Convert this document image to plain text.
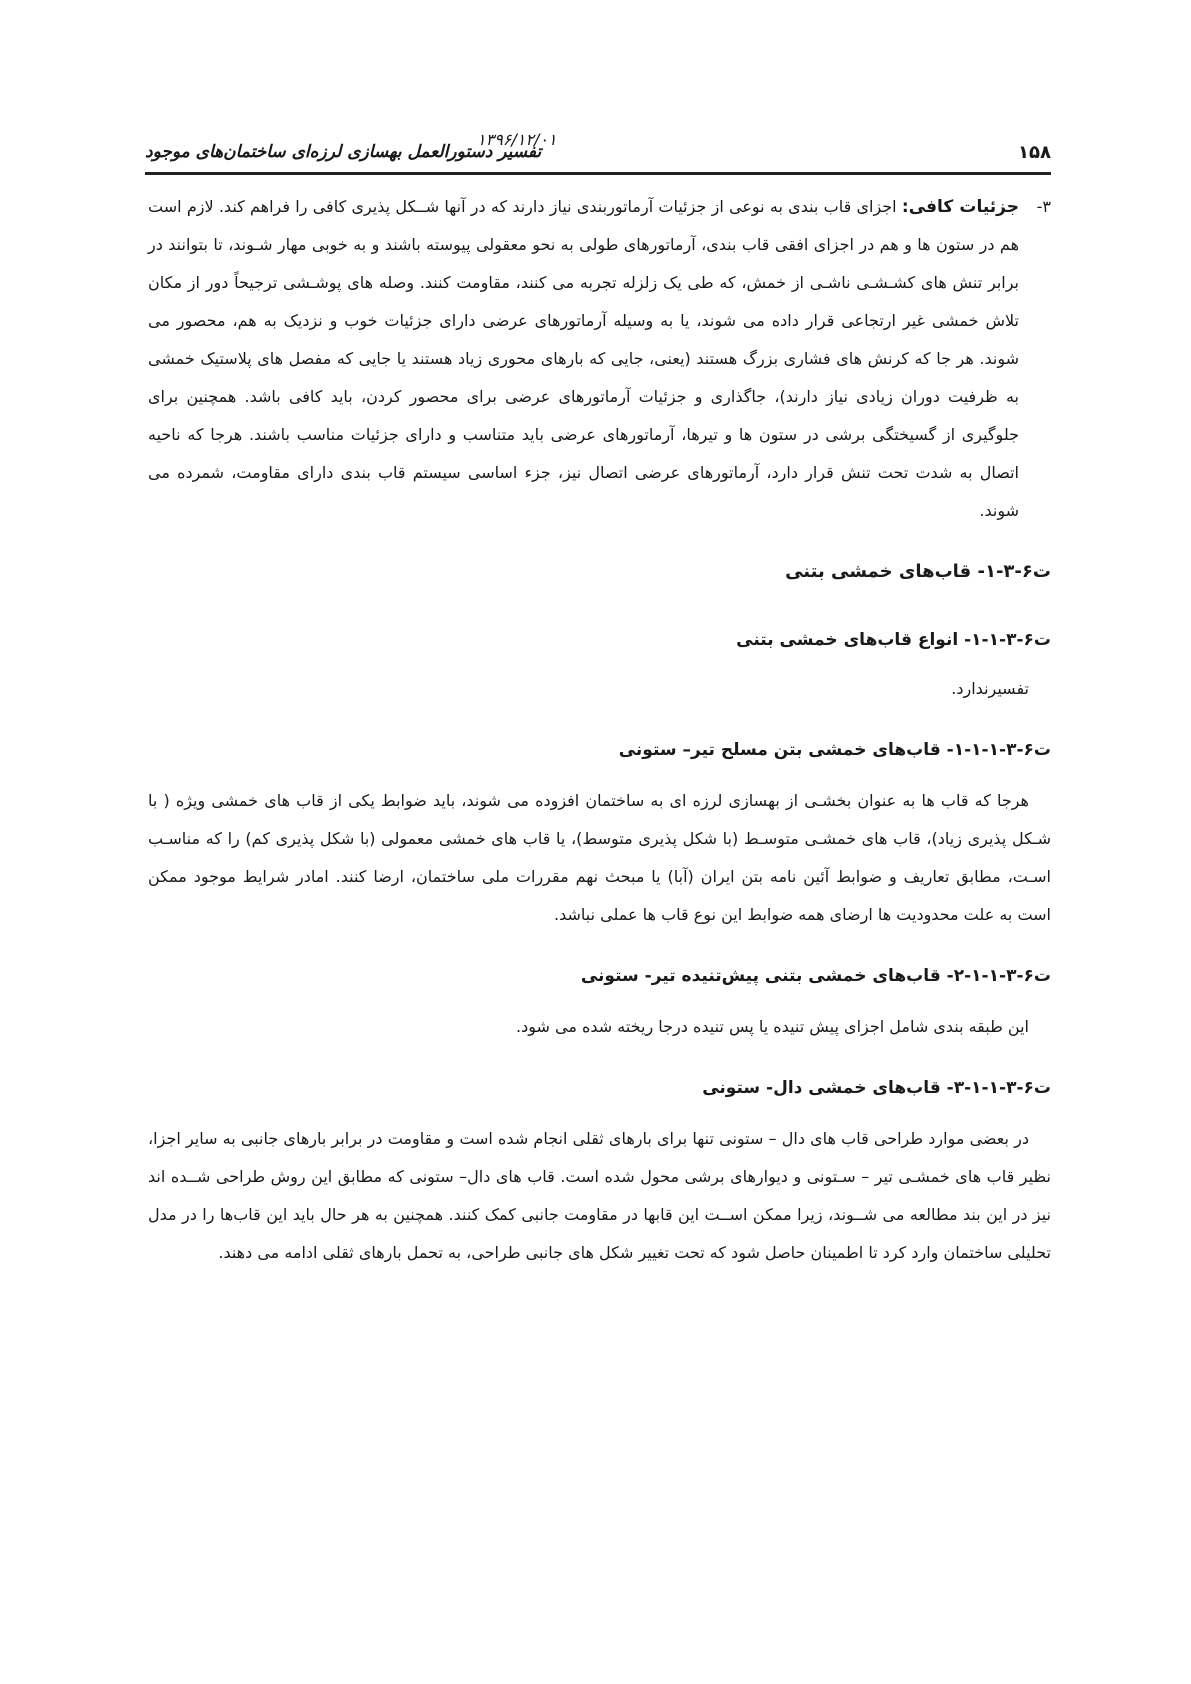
۱۵۸
۱۳۹۶/۱۲/۰۱
تفسیر دستورالعمل بهسازی لرزه‌ای ساختمان‌های موجود

۳-
جزئیات کافی: اجزای قاب بندی به نوعی از جزئیات آرماتوربندی نیاز دارند که در آنها شــکل پذیری کافی را فراهم کند. لازم است هم در ستون ها و هم در اجزای افقی قاب بندی، آرماتورهای طولی به نحو معقولی پیوسته باشند و به خوبی مهار شـوند، تا بتوانند در برابر تنش های کشـشـی ناشـی از خمش، که طی یک زلزله تجربه می کنند، مقاومت کنند. وصله های پوشـشی ترجیحاً دور از مکان تلاش خمشی غیر ارتجاعی قرار داده می شوند، یا به وسیله آرماتورهای عرضی دارای جزئیات خوب و نزدیک به هم، محصور می شوند. هر جا که کرنش های فشاری بزرگ هستند (یعنی، جایی که بارهای محوری زیاد هستند یا جایی که مفصل های پلاستیک خمشی به ظرفیت دوران زیادی نیاز دارند)، جاگذاری و جزئیات آرماتورهای عرضی برای محصور کردن، باید کافی باشد. همچنین برای جلوگیری از گسیختگی برشی در ستون ها و تیرها، آرماتورهای عرضی باید متناسب و دارای جزئیات مناسب باشند. هرجا که ناحیه اتصال به شدت تحت تنش قرار دارد، آرماتورهای عرضی اتصال نیز، جزء اساسی سیستم قاب بندی دارای مقاومت، شمرده می شوند.

ت۶-۳-۱- قاب‌های خمشی بتنی
ت۶-۳-۱-۱- انواع قاب‌های خمشی بتنی

تفسیرندارد.

ت۶-۳-۱-۱-۱- قاب‌های خمشی بتن مسلح تیر– ستونی

هرجا که قاب ها به عنوان بخشـی از بهسازی لرزه ای به ساختمان افزوده می شوند، باید ضوابط یکی از قاب های خمشی ویژه ( با شـکل پذیری زیاد)، قاب های خمشـی متوسـط (با شکل پذیری متوسط)، یا قاب های خمشی معمولی (با شکل پذیری کم) را که مناسـب اسـت، مطابق تعاریف و ضوابط آئین نامه بتن ایران (آبا) یا مبحث نهم مقررات ملی ساختمان، ارضا کنند. امادر شرایط موجود ممکن است به علت محدودیت ها ارضای همه ضوابط این نوع قاب ها عملی نباشد.

ت۶-۳-۱-۱-۲- قاب‌های خمشی بتنی پیش‌تنیده تیر- ستونی

این طبقه بندی شامل اجزای پیش تنیده یا پس تنیده درجا ریخته شده می شود.

ت۶-۳-۱-۱-۳- قاب‌های خمشی دال- ستونی

در بعضی موارد طراحی قاب های دال – ستونی تنها برای بارهای ثقلی انجام شده است و مقاومت در برابر بارهای جانبی به سایر اجزا، نظیر قاب های خمشـی تیر – سـتونی و دیوارهای برشی محول شده است. قاب های دال– ستونی که مطابق این روش طراحی شــده اند نیز در این بند مطالعه می شــوند، زیرا ممکن اســت این قابها در مقاومت جانبی کمک کنند. همچنین به هر حال باید این قاب‌ها را در مدل تحلیلی ساختمان وارد کرد تا اطمینان حاصل شود که تحت تغییر شکل های جانبی طراحی، به تحمل بارهای ثقلی ادامه می دهند.
